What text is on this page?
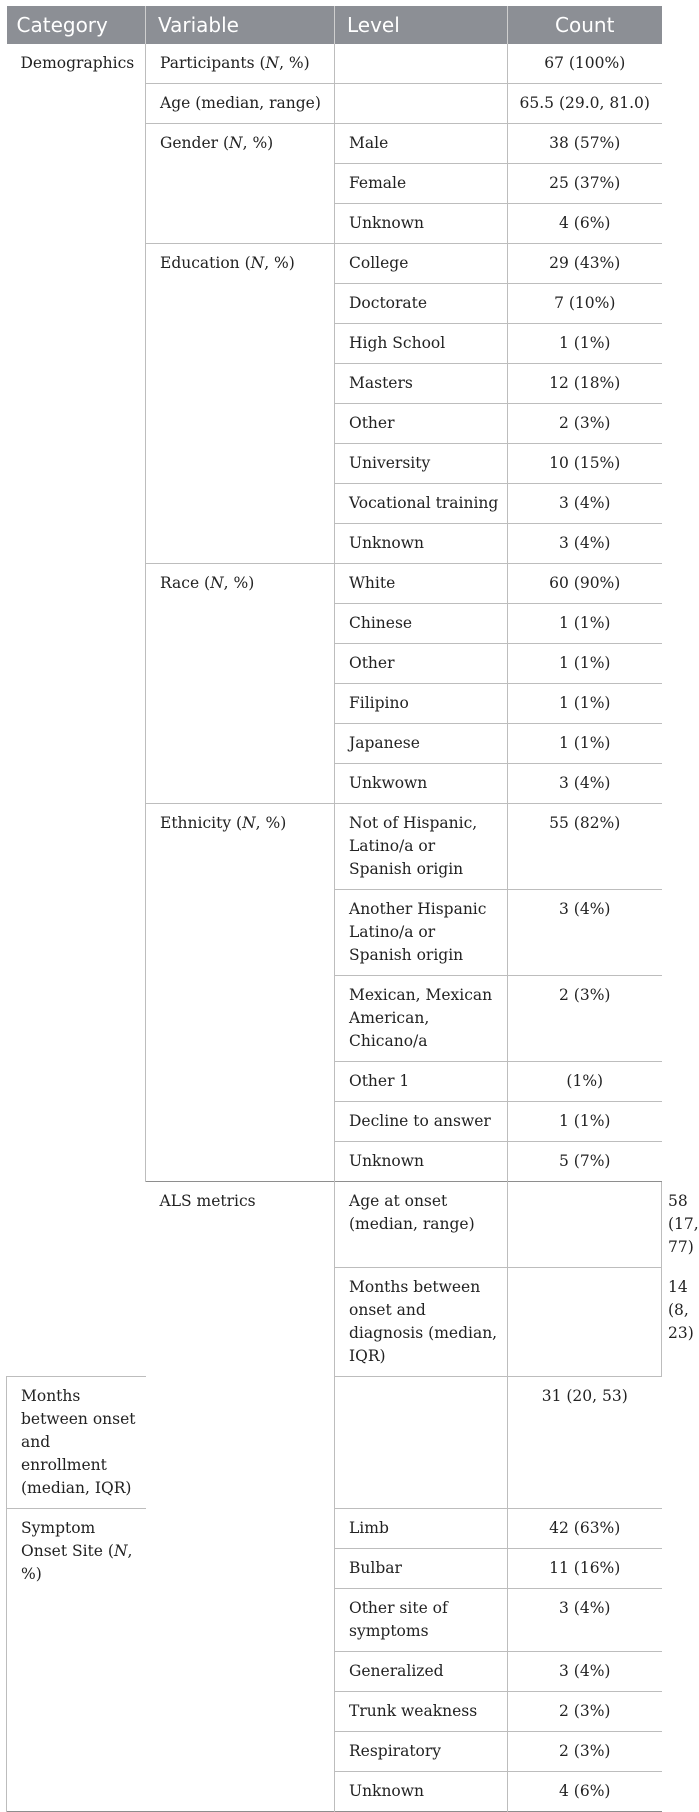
Category	Variable	Level	Count	
Demographics	Participants (N, %)		67 (100%)	
	Age (median, range)		65.5 (29.0, 81.0)	
	Gender (N, %)	Male	38 (57%)	
		Female	25 (37%)	
		Unknown	4 (6%)	
	Education (N, %)	College	29 (43%)	
		Doctorate	7 (10%)	
		High School	1 (1%)	
		Masters	12 (18%)	
		Other	2 (3%)	
		University	10 (15%)	
		Vocational training	3 (4%)	
		Unknown	3 (4%)	
	Race (N, %)	White	60 (90%)	
		Chinese	1 (1%)	
		Other	1 (1%)	
		Filipino	1 (1%)	
		Japanese	1 (1%)	
		Unkwown	3 (4%)	
	Ethnicity (N, %)	Not of Hispanic, Latino/a or Spanish origin	55 (82%)	
		Another Hispanic Latino/a or Spanish origin	3 (4%)	
		Mexican, Mexican American, Chicano/a	2 (3%)	
		Other 1	(1%)	
		Decline to answer	1 (1%)	
		Unknown	5 (7%)	
	ALS metrics	Age at onset (median, range)		58 (17, 77)
		Months between onset and diagnosis (median, IQR)		14 (8, 23)
Months between onset and enrollment (median, IQR)			31 (20, 53)	
Symptom Onset Site (N, %)		Limb	42 (63%)	
		Bulbar	11 (16%)	
		Other site of symptoms	3 (4%)	
		Generalized	3 (4%)	
		Trunk weakness	2 (3%)	
		Respiratory	2 (3%)	
		Unknown	4 (6%)	
